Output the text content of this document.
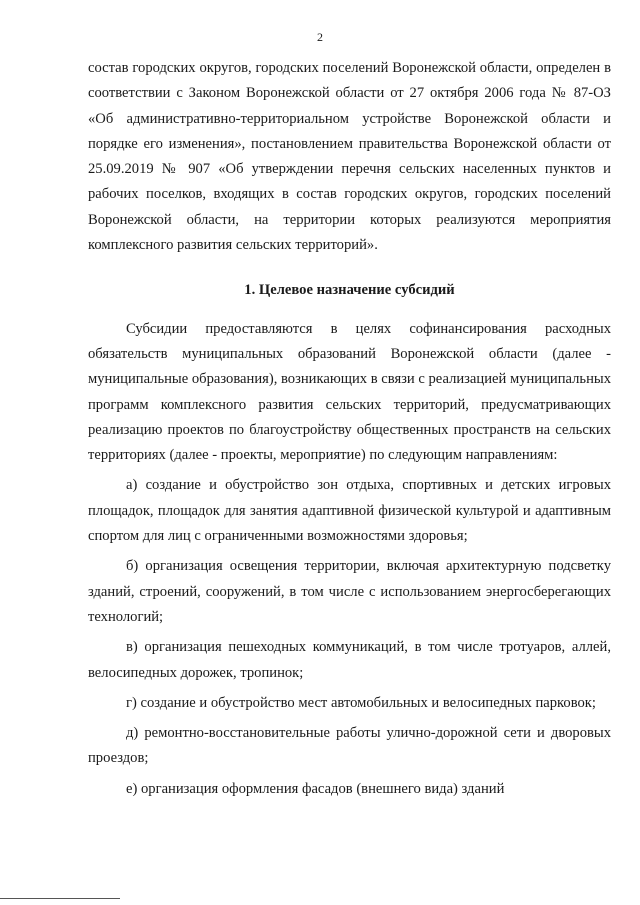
2

состав городских округов, городских поселений Воронежской области, определен в соответствии с Законом Воронежской области от 27 октября 2006 года № 87-ОЗ «Об административно-территориальном устройстве Воронежской области и порядке его изменения», постановлением правительства Воронежской области от 25.09.2019 № 907 «Об утверждении перечня сельских населенных пунктов и рабочих поселков, входящих в состав городских округов, городских поселений Воронежской области, на территории которых реализуются мероприятия комплексного развития сельских территорий».

1. Целевое назначение субсидий

Субсидии предоставляются в целях софинансирования расходных обязательств муниципальных образований Воронежской области (далее - муниципальные образования), возникающих в связи с реализацией муниципальных программ комплексного развития сельских территорий, предусматривающих реализацию проектов по благоустройству общественных пространств на сельских территориях (далее - проекты, мероприятие) по следующим направлениям:

а) создание и обустройство зон отдыха, спортивных и детских игровых площадок, площадок для занятия адаптивной физической культурой и адаптивным спортом для лиц с ограниченными возможностями здоровья;

б) организация освещения территории, включая архитектурную подсветку зданий, строений, сооружений, в том числе с использованием энергосберегающих технологий;

в) организация пешеходных коммуникаций, в том числе тротуаров, аллей, велосипедных дорожек, тропинок;

г) создание и обустройство мест автомобильных и велосипедных парковок;

д) ремонтно-восстановительные работы улично-дорожной сети и дворовых проездов;

е) организация оформления фасадов (внешнего вида) зданий
